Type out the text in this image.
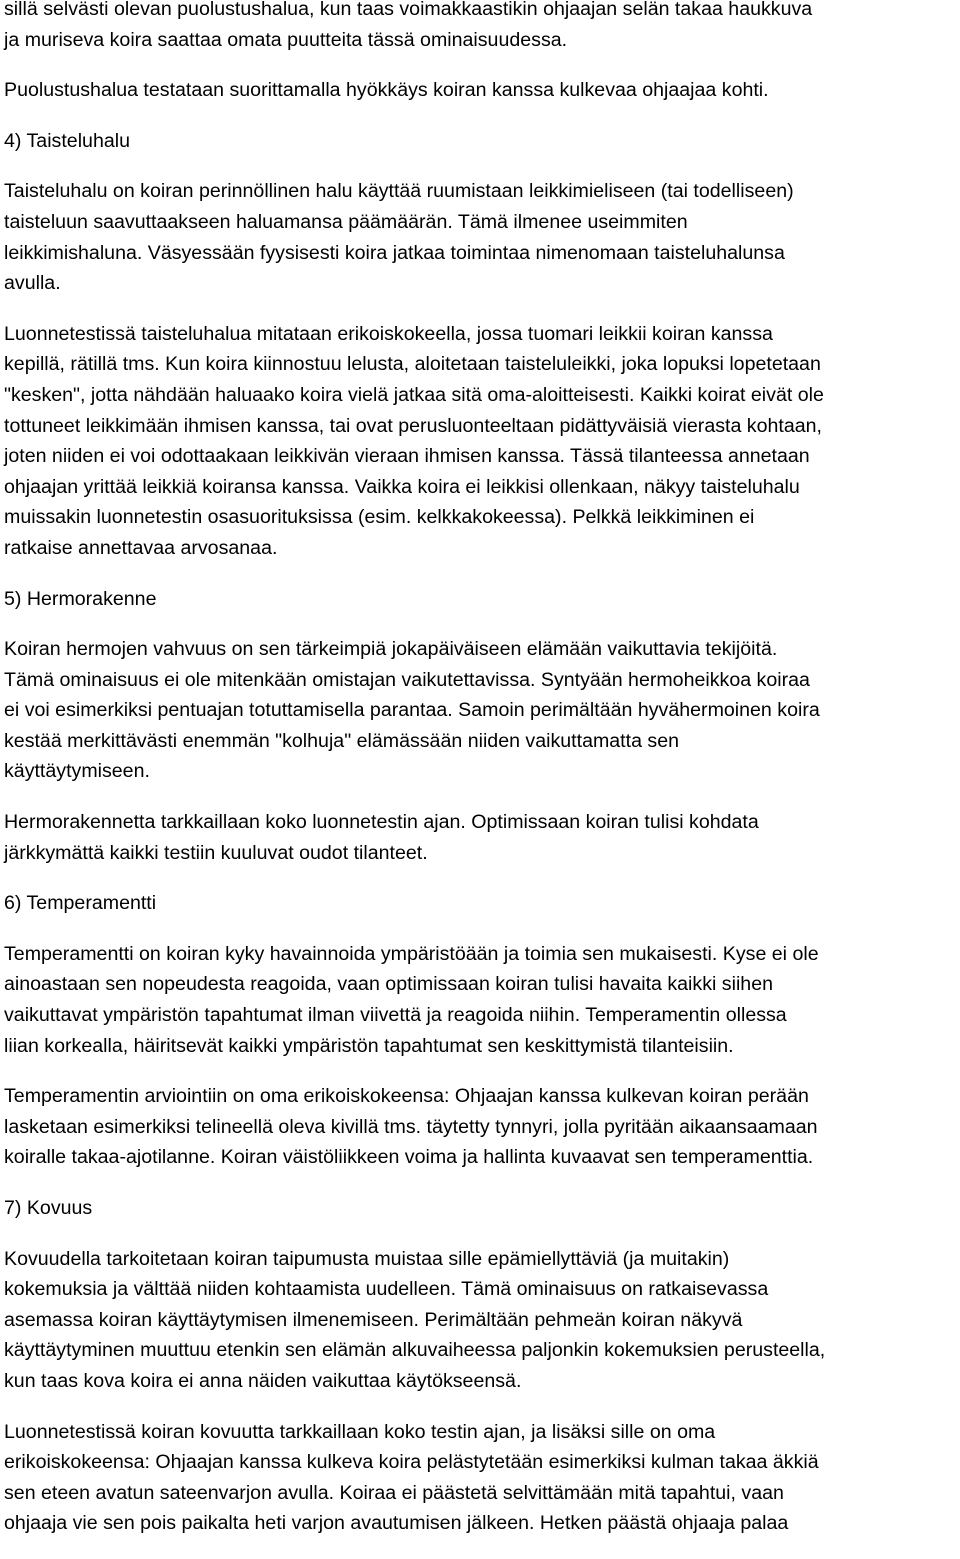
sillä selvästi olevan puolustushalua, kun taas voimakkaastikin ohjaajan selän takaa haukkuva
ja muriseva koira saattaa omata puutteita tässä ominaisuudessa.
Puolustushalua testataan suorittamalla hyökkäys koiran kanssa kulkevaa ohjaajaa kohti.
4) Taisteluhalu
Taisteluhalu on koiran perinnöllinen halu käyttää ruumistaan leikkimieliseen (tai todelliseen)
taisteluun saavuttaakseen haluamansa päämäärän. Tämä ilmenee useimmiten
leikkimishaluna. Väsyessään fyysisesti koira jatkaa toimintaa nimenomaan taisteluhalunsa
avulla.
Luonnetestissä taisteluhalua mitataan erikoiskokeella, jossa tuomari leikkii koiran kanssa
kepillä, rätillä tms. Kun koira kiinnostuu lelusta, aloitetaan taisteluleikki, joka lopuksi lopetetaan
"kesken", jotta nähdään haluaako koira vielä jatkaa sitä oma-aloitteisesti. Kaikki koirat eivät ole
tottuneet leikkimään ihmisen kanssa, tai ovat perusluonteeltaan pidättyväisiä vierasta kohtaan,
joten niiden ei voi odottaakaan leikkivän vieraan ihmisen kanssa. Tässä tilanteessa annetaan
ohjaajan yrittää leikkiä koiransa kanssa. Vaikka koira ei leikkisi ollenkaan, näkyy taisteluhalu
muissakin luonnetestin osasuorituksissa (esim. kelkkakokeessa). Pelkkä leikkiminen ei
ratkaise annettavaa arvosanaa.
5) Hermorakenne
Koiran hermojen vahvuus on sen tärkeimpiä jokapäiväiseen elämään vaikuttavia tekijöitä.
Tämä ominaisuus ei ole mitenkään omistajan vaikutettavissa. Syntyään hermoheikkoa koiraa
ei voi esimerkiksi pentuajan totuttamisella parantaa. Samoin perimältään hyvähermoinen koira
kestää merkittävästi enemmän "kolhuja" elämässään niiden vaikuttamatta sen
käyttäytymiseen.
Hermorakennetta tarkkaillaan koko luonnetestin ajan. Optimissaan koiran tulisi kohdata
järkkymättä kaikki testiin kuuluvat oudot tilanteet.
6) Temperamentti
Temperamentti on koiran kyky havainnoida ympäristöään ja toimia sen mukaisesti. Kyse ei ole
ainoastaan sen nopeudesta reagoida, vaan optimissaan koiran tulisi havaita kaikki siihen
vaikuttavat ympäristön tapahtumat ilman viivettä ja reagoida niihin. Temperamentin ollessa
liian korkealla, häiritsevät kaikki ympäristön tapahtumat sen keskittymistä tilanteisiin.
Temperamentin arviointiin on oma erikoiskokeensa: Ohjaajan kanssa kulkevan koiran perään
lasketaan esimerkiksi telineellä oleva kivillä tms. täytetty tynnyri, jolla pyritään aikaansaamaan
koiralle takaa-ajotilanne. Koiran väistöliikkeen voima ja hallinta kuvaavat sen temperamenttia.
7) Kovuus
Kovuudella tarkoitetaan koiran taipumusta muistaa sille epämiellyttäviä (ja muitakin)
kokemuksia ja välttää niiden kohtaamista uudelleen. Tämä ominaisuus on ratkaisevassa
asemassa koiran käyttäytymisen ilmenemiseen. Perimältään pehmeän koiran näkyvä
käyttäytyminen muuttuu etenkin sen elämän alkuvaiheessa paljonkin kokemuksien perusteella,
kun taas kova koira ei anna näiden vaikuttaa käytökseensä.
Luonnetestissä koiran kovuutta tarkkaillaan koko testin ajan, ja lisäksi sille on oma
erikoiskokeensa: Ohjaajan kanssa kulkeva koira pelästytetään esimerkiksi kulman takaa äkkiä
sen eteen avatun sateenvarjon avulla. Koiraa ei päästetä selvittämään mitä tapahtui, vaan
ohjaaja vie sen pois paikalta heti varjon avautumisen jälkeen. Hetken päästä ohjaaja palaa
